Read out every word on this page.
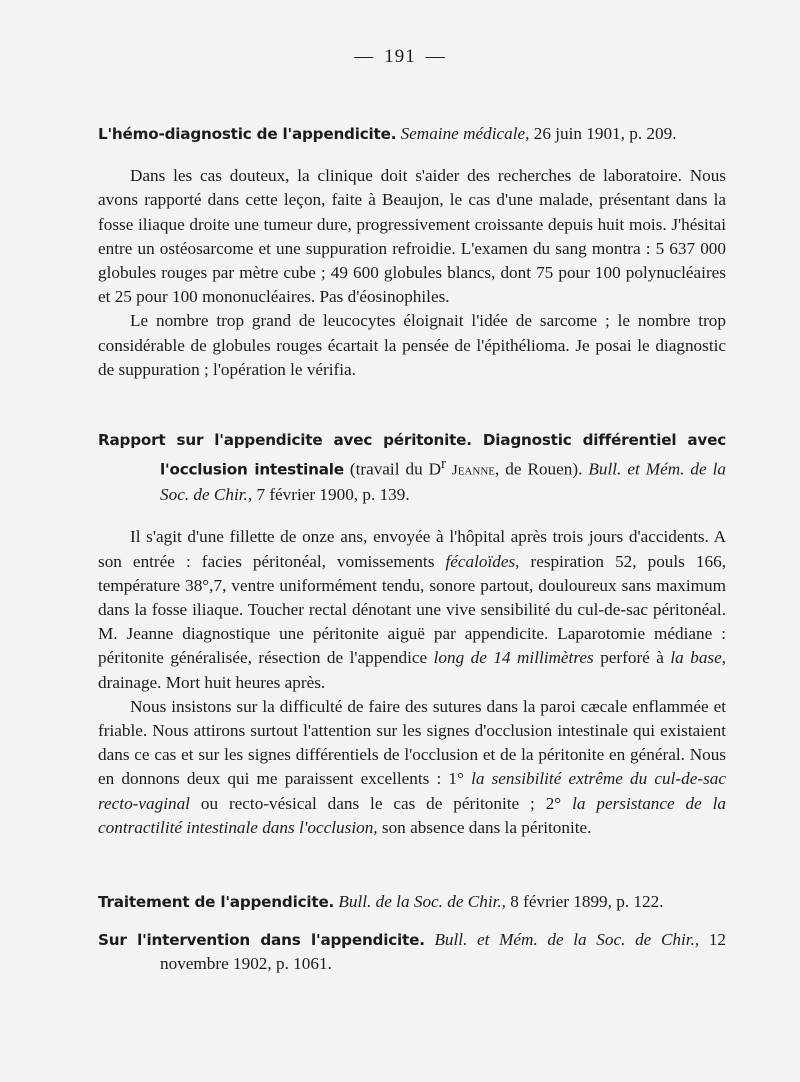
— 191 —

L'hémo-diagnostic de l'appendicite. Semaine médicale, 26 juin 1901, p. 209.

Dans les cas douteux, la clinique doit s'aider des recherches de laboratoire. Nous avons rapporté dans cette leçon, faite à Beaujon, le cas d'une malade, présentant dans la fosse iliaque droite une tumeur dure, progressivement croissante depuis huit mois. J'hésitai entre un ostéosarcome et une suppuration refroidie. L'examen du sang montra : 5 637 000 globules rouges par mètre cube ; 49 600 globules blancs, dont 75 pour 100 polynucléaires et 25 pour 100 mononucléaires. Pas d'éosinophiles.

Le nombre trop grand de leucocytes éloignait l'idée de sarcome ; le nombre trop considérable de globules rouges écartait la pensée de l'épithélioma. Je posai le diagnostic de suppuration ; l'opération le vérifia.

Rapport sur l'appendicite avec péritonite. Diagnostic différentiel avec l'occlusion intestinale (travail du $D^r$ Jeanne, de Rouen). Bull. et Mém. de la Soc. de Chir., 7 février 1900, p. 139.

Il s'agit d'une fillette de onze ans, envoyée à l'hôpital après trois jours d'accidents. A son entrée : facies péritonéal, vomissements fécaloïdes, respiration 52, pouls 166, température 38°,7, ventre uniformément tendu, sonore partout, douloureux sans maximum dans la fosse iliaque. Toucher rectal dénotant une vive sensibilité du cul-de-sac péritonéal. M. Jeanne diagnostique une péritonite aiguë par appendicite. Laparotomie médiane : péritonite généralisée, résection de l'appendice long de 14 millimètres perforé à la base, drainage. Mort huit heures après.

Nous insistons sur la difficulté de faire des sutures dans la paroi cæcale enflammée et friable. Nous attirons surtout l'attention sur les signes d'occlusion intestinale qui existaient dans ce cas et sur les signes différentiels de l'occlusion et de la péritonite en général. Nous en donnons deux qui me paraissent excellents : 1° la sensibilité extrême du cul-de-sac recto-vaginal ou recto-vésical dans le cas de péritonite ; 2° la persistance de la contractilité intestinale dans l'occlusion, son absence dans la péritonite.

Traitement de l'appendicite. Bull. de la Soc. de Chir., 8 février 1899, p. 122.

Sur l'intervention dans l'appendicite. Bull. et Mém. de la Soc. de Chir., 12 novembre 1902, p. 1061.
